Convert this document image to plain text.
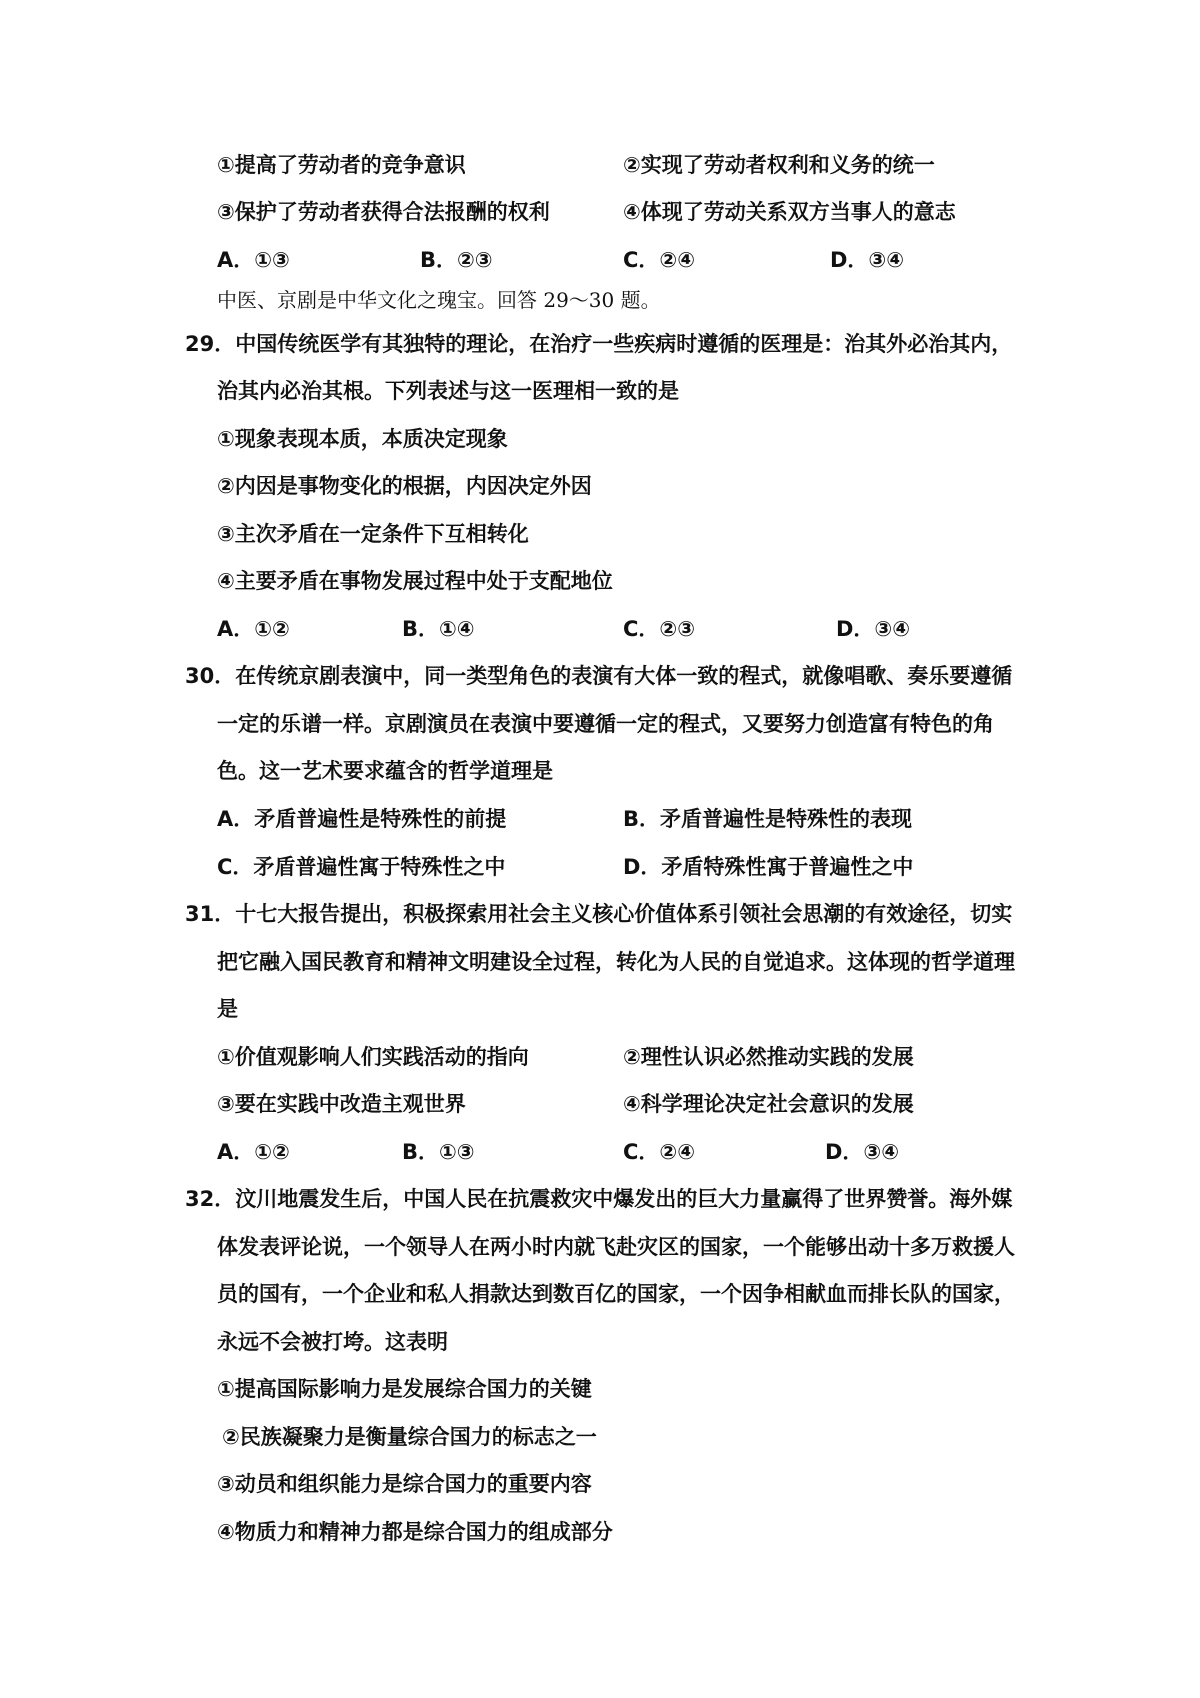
①提高了劳动者的竞争意识	②实现了劳动者权利和义务的统一
③保护了劳动者获得合法报酬的权利	④体现了劳动关系双方当事人的意志
A．①③	B．②③	C．②④	D．③④
中医、京剧是中华文化之瑰宝。回答 29～30 题。
29．中国传统医学有其独特的理论，在治疗一些疾病时遵循的医理是：治其外必治其内，
治其内必治其根。下列表述与这一医理相一致的是
①现象表现本质，本质决定现象
②内因是事物变化的根据，内因决定外因
③主次矛盾在一定条件下互相转化
④主要矛盾在事物发展过程中处于支配地位
A．①②	B．①④	C．②③	D．③④
30．在传统京剧表演中，同一类型角色的表演有大体一致的程式，就像唱歌、奏乐要遵循
一定的乐谱一样。京剧演员在表演中要遵循一定的程式，又要努力创造富有特色的角
色。这一艺术要求蕴含的哲学道理是
A．矛盾普遍性是特殊性的前提	B．矛盾普遍性是特殊性的表现
C．矛盾普遍性寓于特殊性之中	D．矛盾特殊性寓于普遍性之中
31．十七大报告提出，积极探索用社会主义核心价值体系引领社会思潮的有效途径，切实
把它融入国民教育和精神文明建设全过程，转化为人民的自觉追求。这体现的哲学道理
是
①价值观影响人们实践活动的指向	②理性认识必然推动实践的发展
③要在实践中改造主观世界	④科学理论决定社会意识的发展
A．①②	B．①③	C．②④	D．③④
32．汶川地震发生后，中国人民在抗震救灾中爆发出的巨大力量赢得了世界赞誉。海外媒
体发表评论说，一个领导人在两小时内就飞赴灾区的国家，一个能够出动十多万救援人
员的国有，一个企业和私人捐款达到数百亿的国家，一个因争相献血而排长队的国家，
永远不会被打垮。这表明
①提高国际影响力是发展综合国力的关键
②民族凝聚力是衡量综合国力的标志之一
③动员和组织能力是综合国力的重要内容
④物质力和精神力都是综合国力的组成部分
